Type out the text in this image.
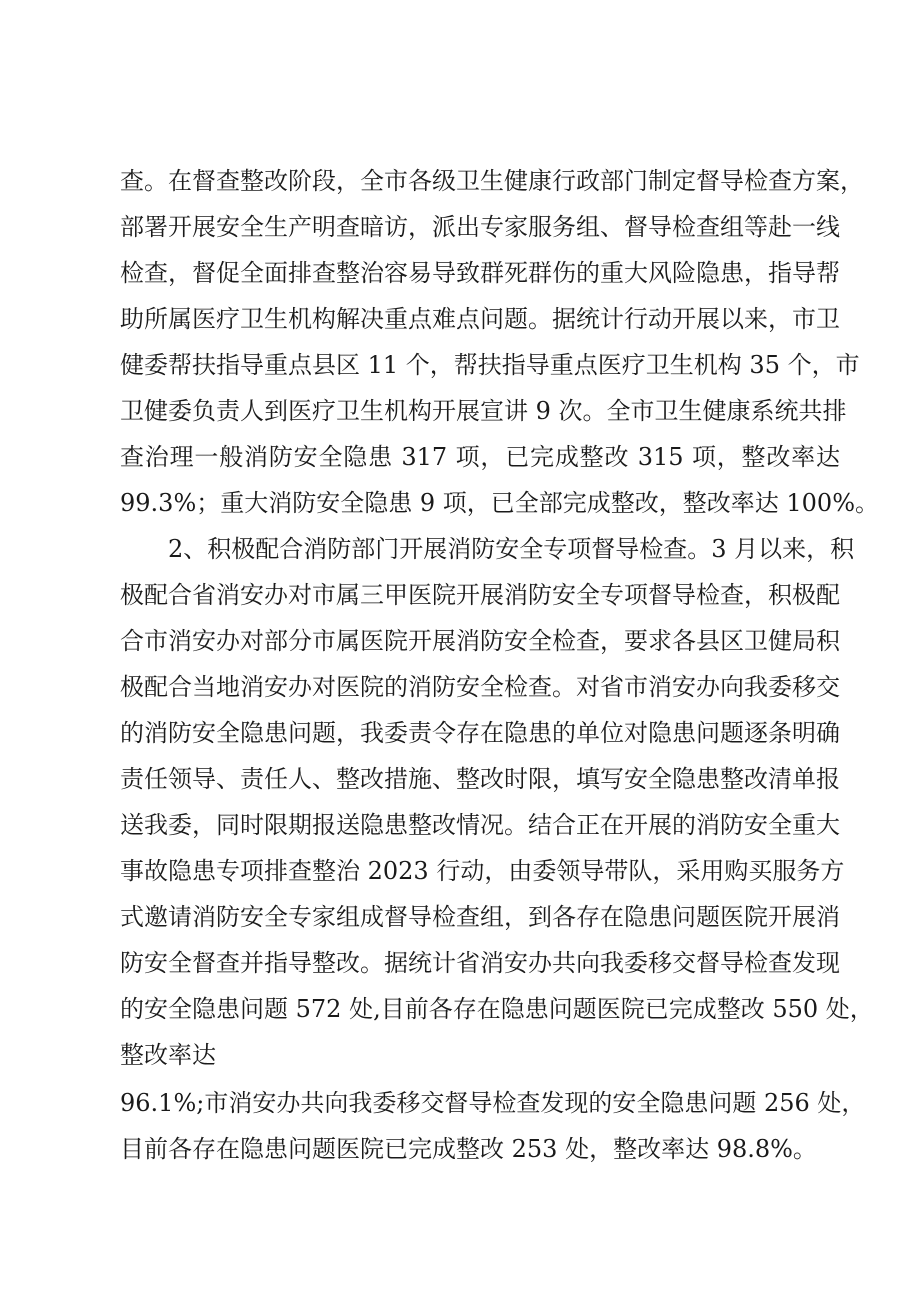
查。在督查整改阶段，全市各级卫生健康行政部门制定督导检查方案，
部署开展安全生产明查暗访，派出专家服务组、督导检查组等赴一线
检查，督促全面排查整治容易导致群死群伤的重大风险隐患，指导帮
助所属医疗卫生机构解决重点难点问题。据统计行动开展以来，市卫
健委帮扶指导重点县区 11 个，帮扶指导重点医疗卫生机构 35 个，市
卫健委负责人到医疗卫生机构开展宣讲 9 次。全市卫生健康系统共排
查治理一般消防安全隐患 317 项，已完成整改 315 项，整改率达
99.3%；重大消防安全隐患 9 项，已全部完成整改，整改率达 100%。
2、积极配合消防部门开展消防安全专项督导检查。3 月以来，积
极配合省消安办对市属三甲医院开展消防安全专项督导检查，积极配
合市消安办对部分市属医院开展消防安全检查，要求各县区卫健局积
极配合当地消安办对医院的消防安全检查。对省市消安办向我委移交
的消防安全隐患问题，我委责令存在隐患的单位对隐患问题逐条明确
责任领导、责任人、整改措施、整改时限，填写安全隐患整改清单报
送我委，同时限期报送隐患整改情况。结合正在开展的消防安全重大
事故隐患专项排查整治 2023 行动，由委领导带队，采用购买服务方
式邀请消防安全专家组成督导检查组，到各存在隐患问题医院开展消
防安全督查并指导整改。据统计省消安办共向我委移交督导检查发现
的安全隐患问题 572 处,目前各存在隐患问题医院已完成整改 550 处，
整改率达
96.1%;市消安办共向我委移交督导检查发现的安全隐患问题 256 处，
目前各存在隐患问题医院已完成整改 253 处，整改率达 98.8%。
